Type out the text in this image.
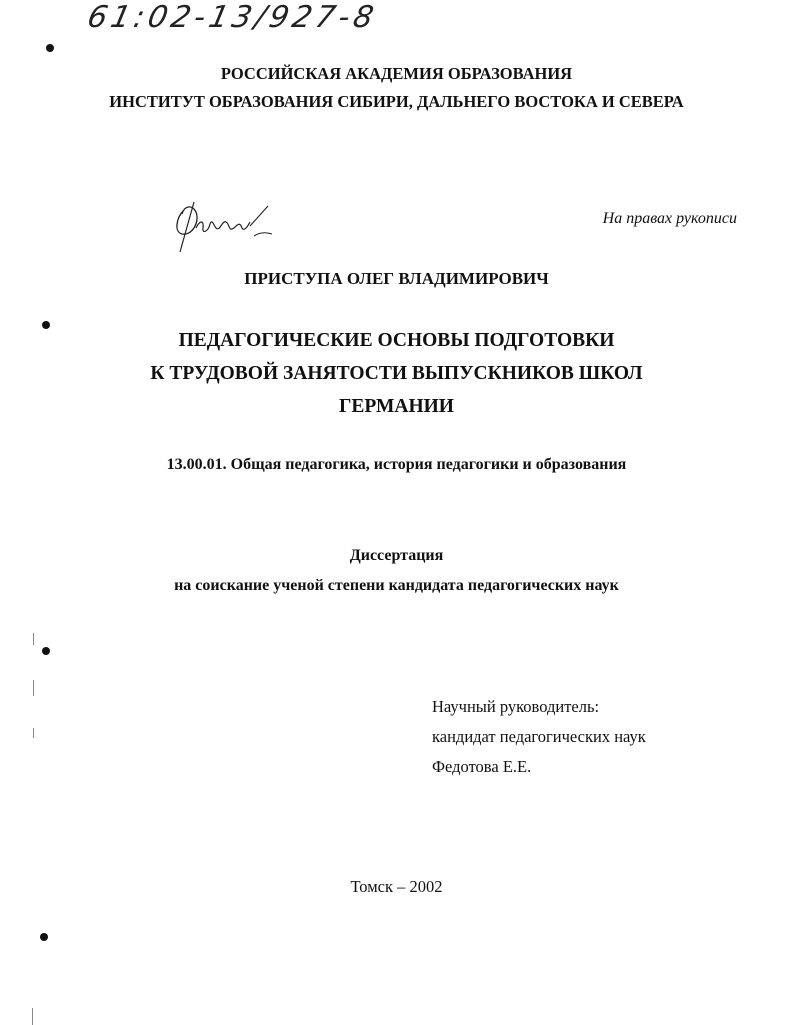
61:02-13/927-8
РОССИЙСКАЯ АКАДЕМИЯ ОБРАЗОВАНИЯ
ИНСТИТУТ ОБРАЗОВАНИЯ СИБИРИ, ДАЛЬНЕГО ВОСТОКА И СЕВЕРА
На правах рукописи
ПРИСТУПА ОЛЕГ ВЛАДИМИРОВИЧ
ПЕДАГОГИЧЕСКИЕ ОСНОВЫ ПОДГОТОВКИ
К ТРУДОВОЙ ЗАНЯТОСТИ ВЫПУСКНИКОВ ШКОЛ
ГЕРМАНИИ
13.00.01. Общая педагогика, история педагогики и образования
Диссертация
на соискание ученой степени кандидата педагогических наук
Научный руководитель:
кандидат педагогических наук
Федотова Е.Е.
Томск – 2002
